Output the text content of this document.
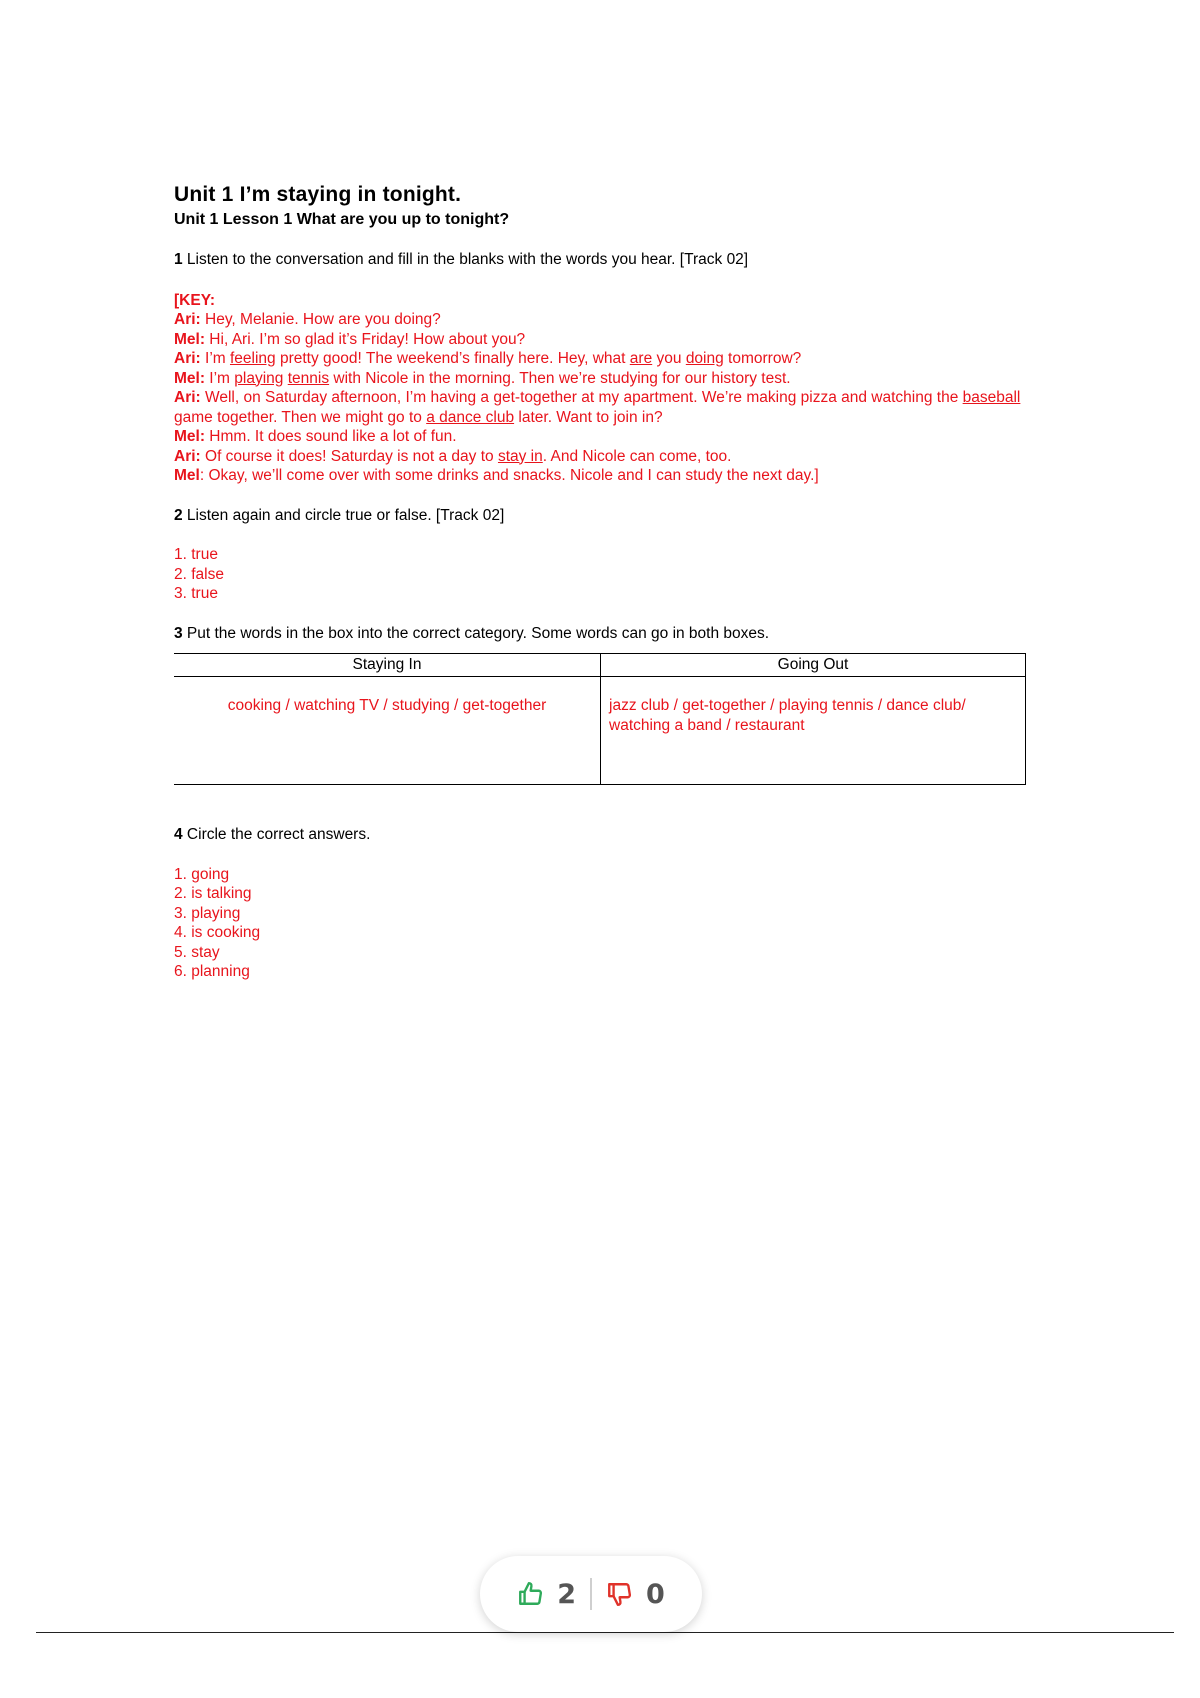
Unit 1 I’m staying in tonight.
Unit 1 Lesson 1 What are you up to tonight?

1 Listen to the conversation and fill in the blanks with the words you hear. [Track 02]

[KEY:

Ari: Hey, Melanie. How are you doing?

Mel: Hi, Ari. I’m so glad it’s Friday! How about you?

Ari: I’m feeling pretty good! The weekend’s finally here. Hey, what are you doing tomorrow?

Mel: I’m playing tennis with Nicole in the morning. Then we’re studying for our history test.

Ari: Well, on Saturday afternoon, I’m having a get-together at my apartment. We’re making pizza and watching the baseball game together. Then we might go to a dance club later. Want to join in?

Mel: Hmm. It does sound like a lot of fun.

Ari: Of course it does! Saturday is not a day to stay in. And Nicole can come, too.

Mel: Okay, we’ll come over with some drinks and snacks. Nicole and I can study the next day.]

2 Listen again and circle true or false. [Track 02]

1. true

2. false

3. true

3 Put the words in the box into the correct category. Some words can go in both boxes.

Staying In	Going Out
cooking / watching TV / studying / get-together	jazz club / get-together / playing tennis / dance club/ watching a band / restaurant

4 Circle the correct answers.

1. going

2. is talking

3. playing

4. is cooking

5. stay

6. planning

2	0
